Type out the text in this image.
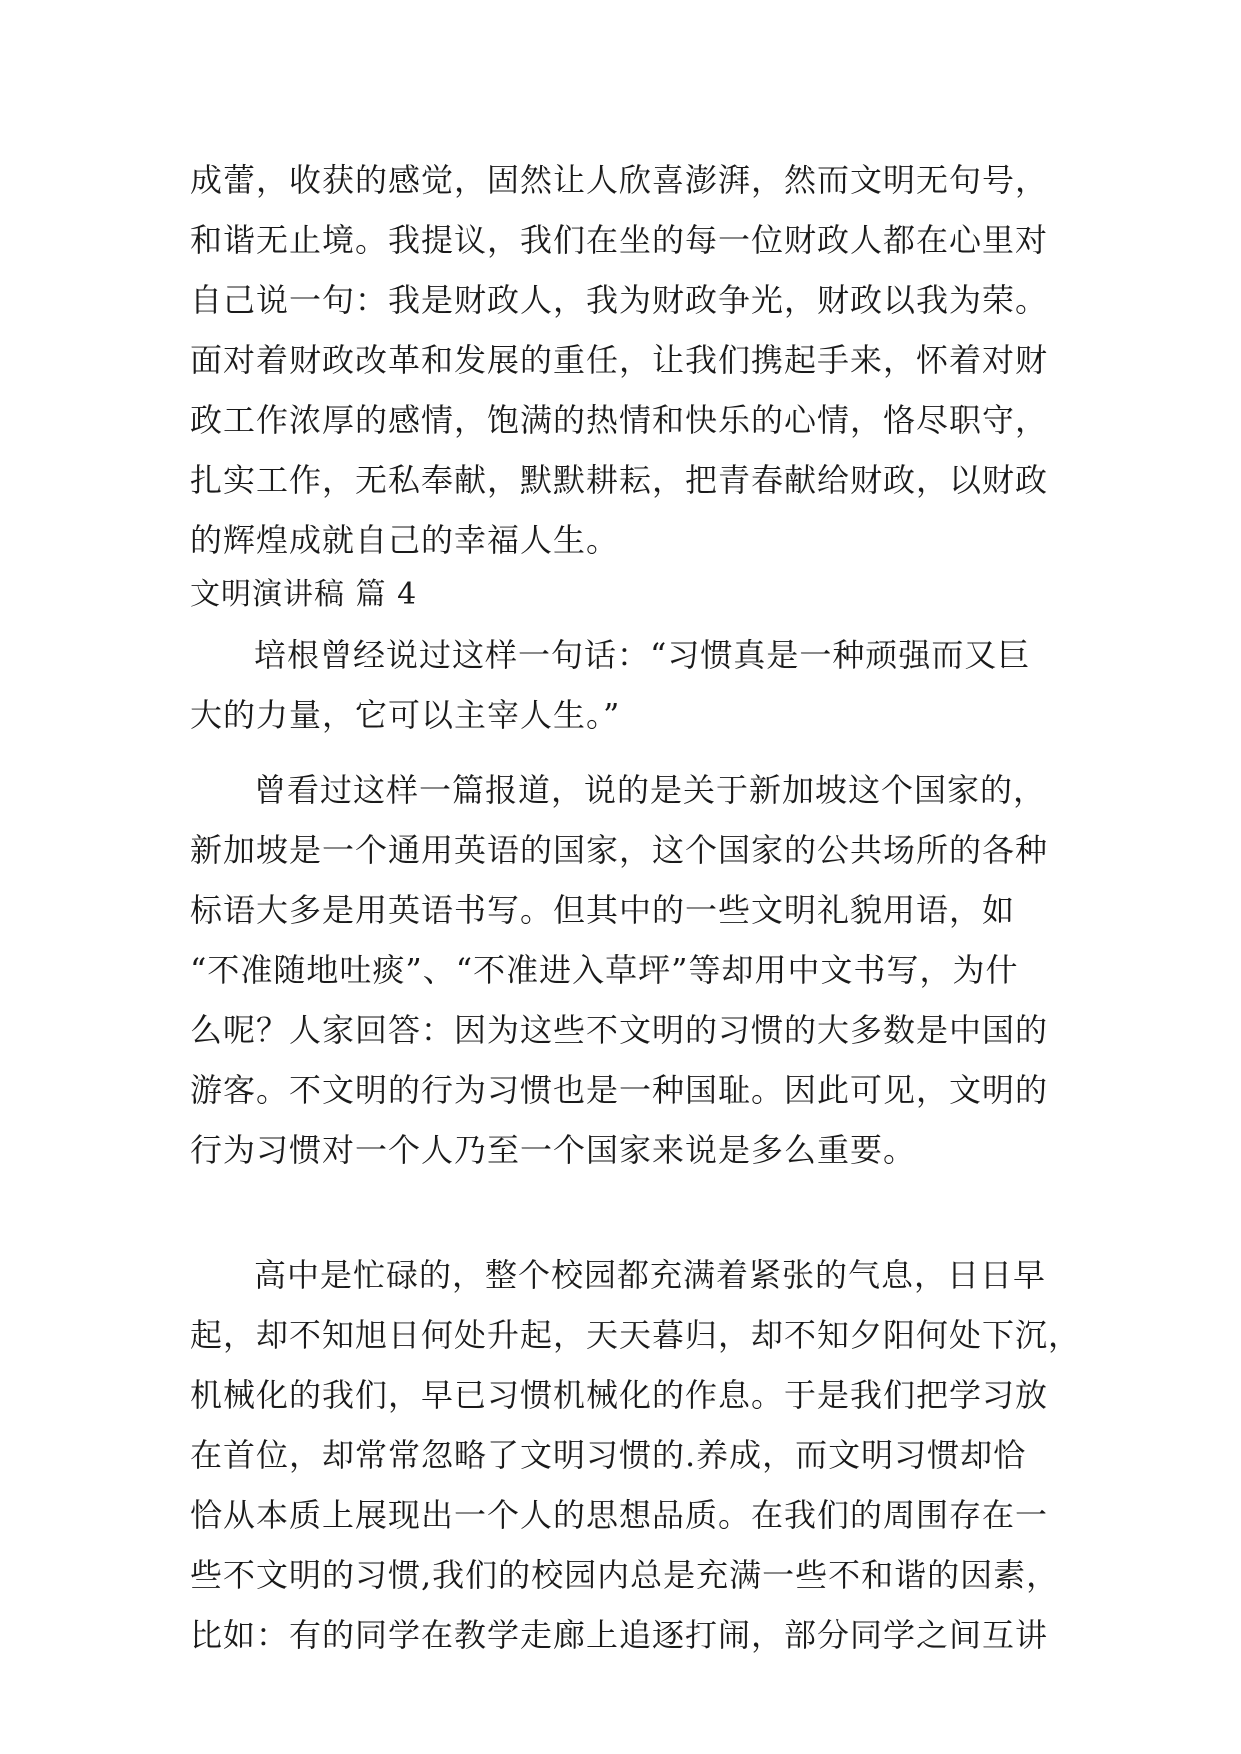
成蕾，收获的感觉，固然让人欣喜澎湃，然而文明无句号，
和谐无止境。我提议，我们在坐的每一位财政人都在心里对
自己说一句：我是财政人，我为财政争光，财政以我为荣。
面对着财政改革和发展的重任，让我们携起手来，怀着对财
政工作浓厚的感情，饱满的热情和快乐的心情，恪尽职守，
扎实工作，无私奉献，默默耕耘，把青春献给财政，以财政
的辉煌成就自己的幸福人生。
文明演讲稿 篇 4
培根曾经说过这样一句话：“习惯真是一种顽强而又巨
大的力量，它可以主宰人生。”
曾看过这样一篇报道，说的是关于新加坡这个国家的，
新加坡是一个通用英语的国家，这个国家的公共场所的各种
标语大多是用英语书写。但其中的一些文明礼貌用语，如
“不准随地吐痰”、“不准进入草坪”等却用中文书写，为什
么呢？人家回答：因为这些不文明的习惯的大多数是中国的
游客。不文明的行为习惯也是一种国耻。因此可见，文明的
行为习惯对一个人乃至一个国家来说是多么重要。
高中是忙碌的，整个校园都充满着紧张的气息，日日早
起，却不知旭日何处升起，天天暮归，却不知夕阳何处下沉，
机械化的我们，早已习惯机械化的作息。于是我们把学习放
在首位，却常常忽略了文明习惯的.养成，而文明习惯却恰
恰从本质上展现出一个人的思想品质。在我们的周围存在一
些不文明的习惯,我们的校园内总是充满一些不和谐的因素，
比如：有的同学在教学走廊上追逐打闹，部分同学之间互讲
